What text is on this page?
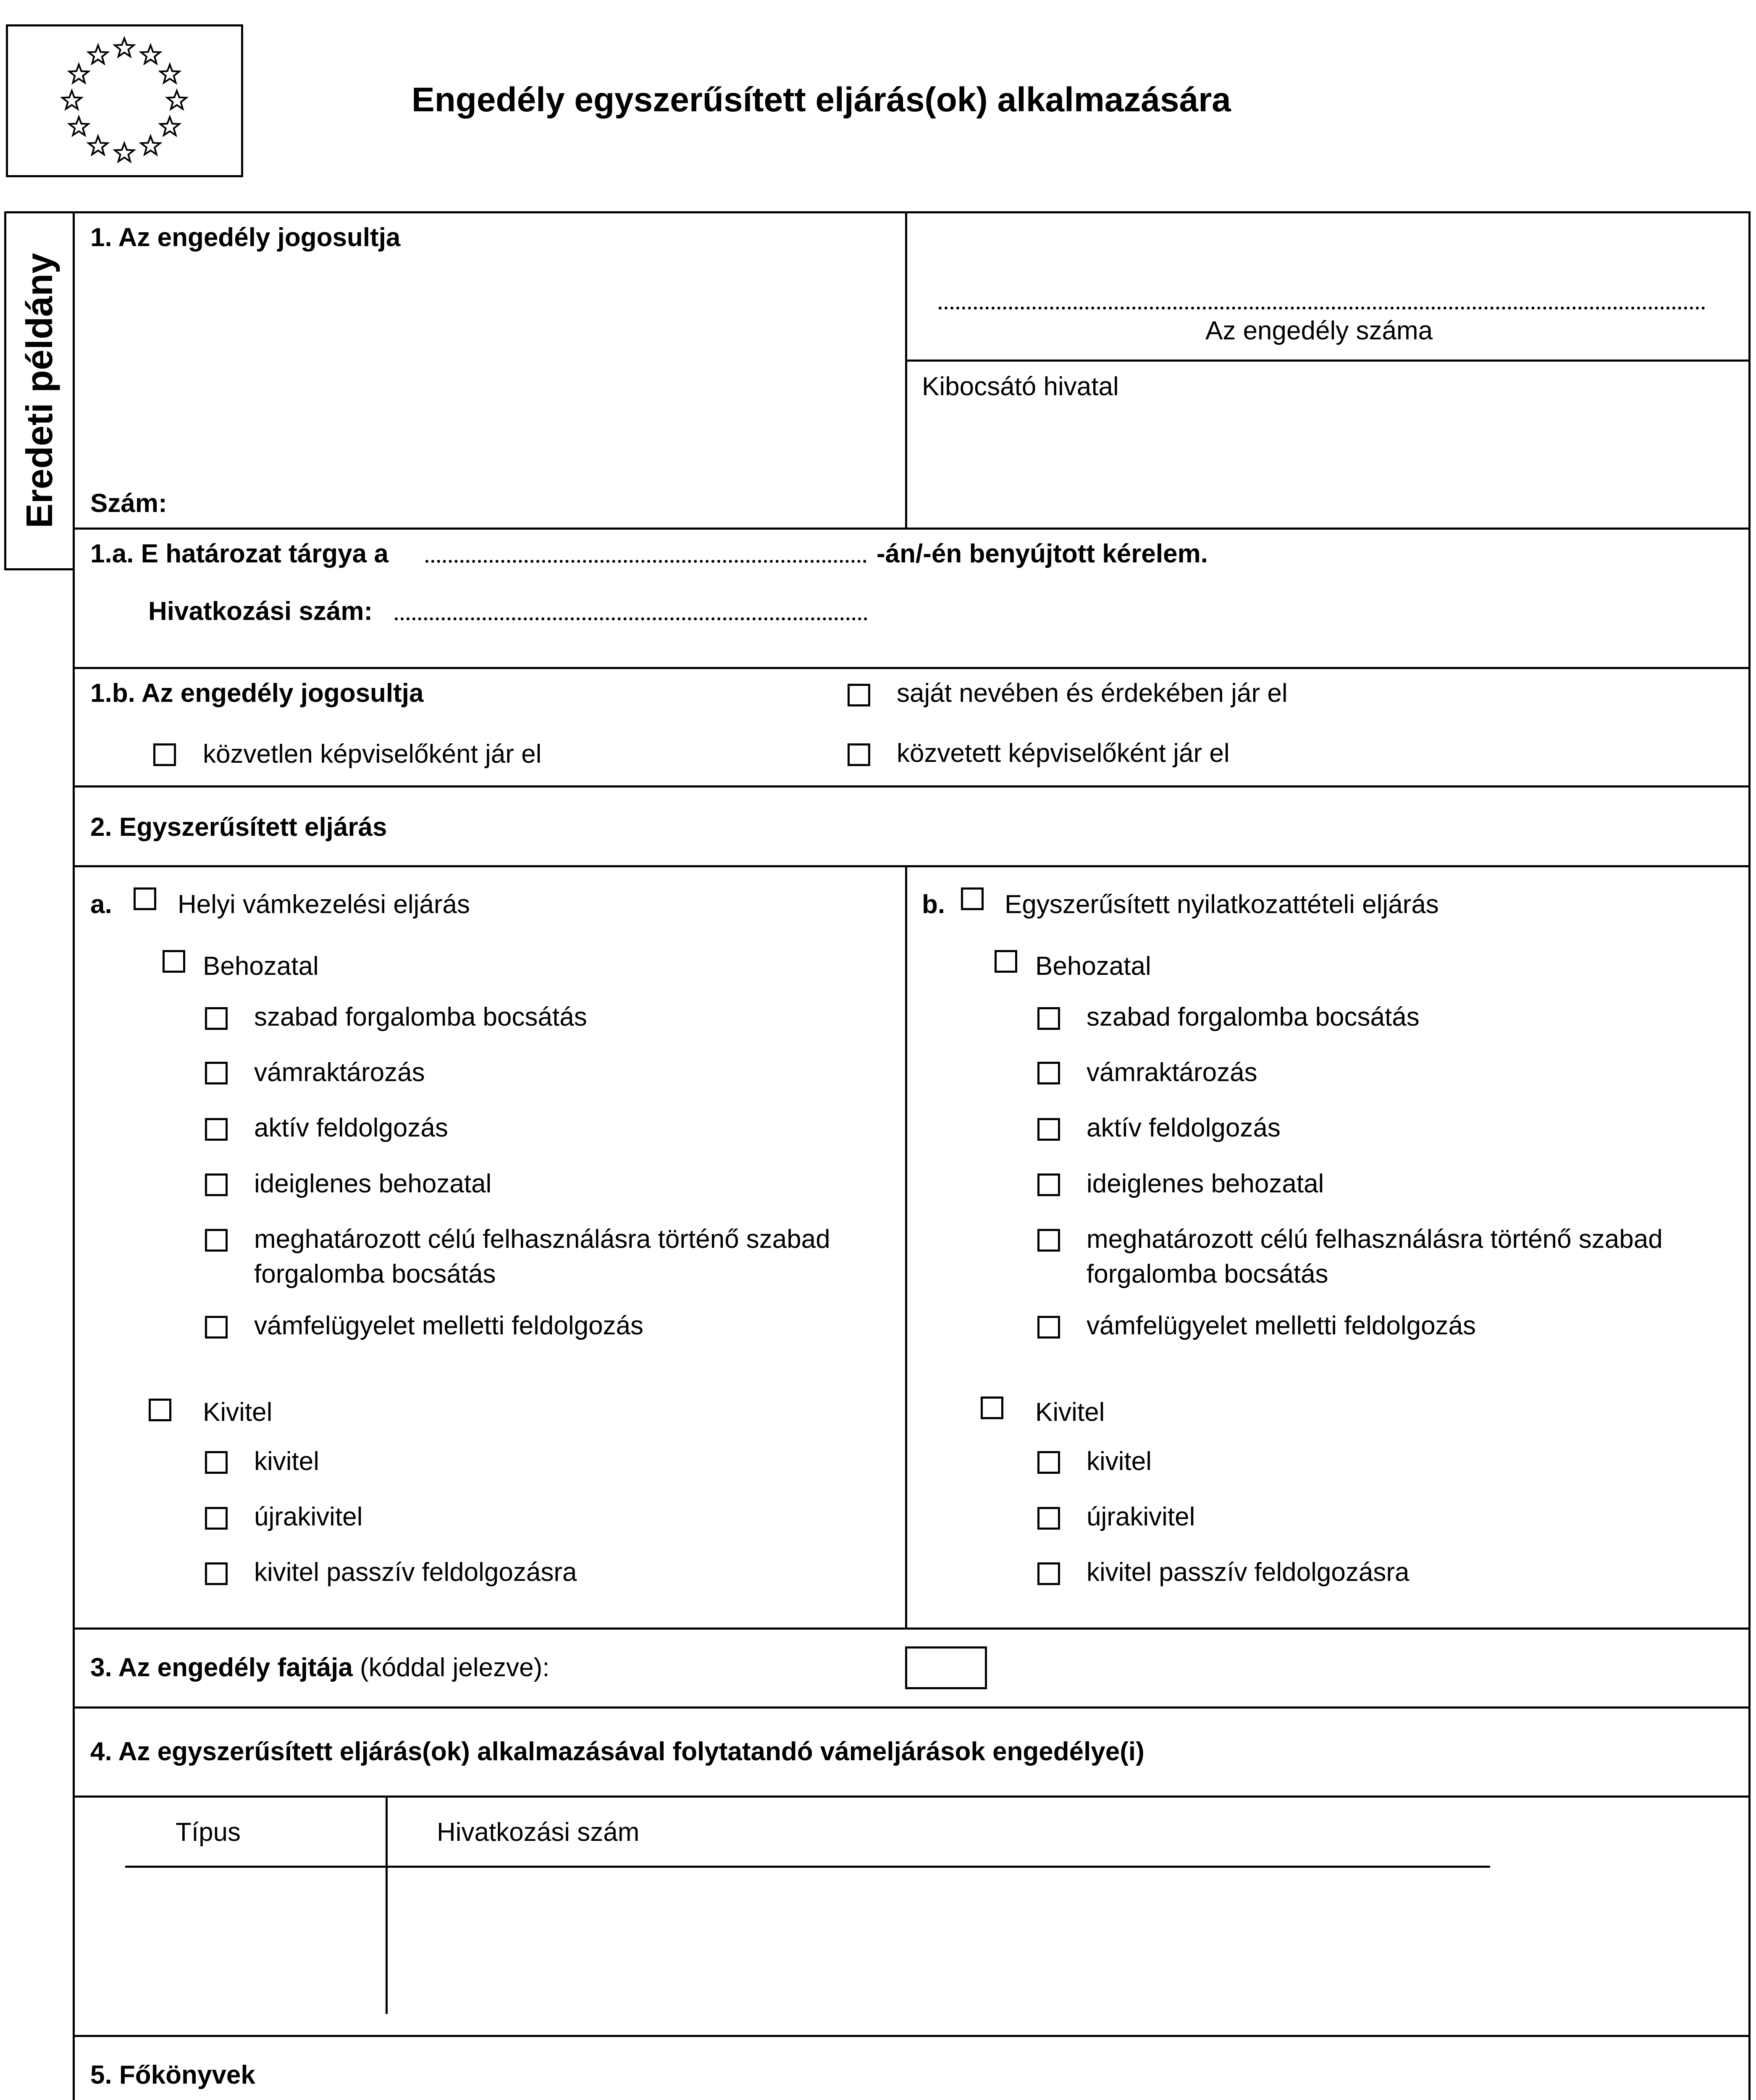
Engedély egyszerűsített eljárás(ok) alkalmazására
Eredeti példány
1. Az engedély jogosultja
Szám:
Az engedély száma
Kibocsátó hivatal
1.a. E határozat tárgya a	-án/-én benyújtott kérelem.
Hivatkozási szám:
1.b. Az engedély jogosultja	saját nevében és érdekében jár el
közvetlen képviselőként jár el	közvetett képviselőként jár el
2. Egyszerűsített eljárás
a.	Helyi vámkezelési eljárás
Behozatal
szabad forgalomba bocsátás
vámraktározás
aktív feldolgozás
ideiglenes behozatal
meghatározott célú felhasználásra történő szabad
forgalomba bocsátás
vámfelügyelet melletti feldolgozás
Kivitel
kivitel
újrakivitel
kivitel passzív feldolgozásra
b. Egyszerűsített nyilatkozattételi eljárás
Behozatal
szabad forgalomba bocsátás
vámraktározás
aktív feldolgozás
ideiglenes behozatal
meghatározott célú felhasználásra történő szabad
forgalomba bocsátás
vámfelügyelet melletti feldolgozás
Kivitel
kivitel
újrakivitel
kivitel passzív feldolgozásra
3. Az engedély fajtája (kóddal jelezve):
4. Az egyszerűsített eljárás(ok) alkalmazásával folytatandó vámeljárások engedélye(i)
Típus	Hivatkozási szám
5. Főkönyvek
